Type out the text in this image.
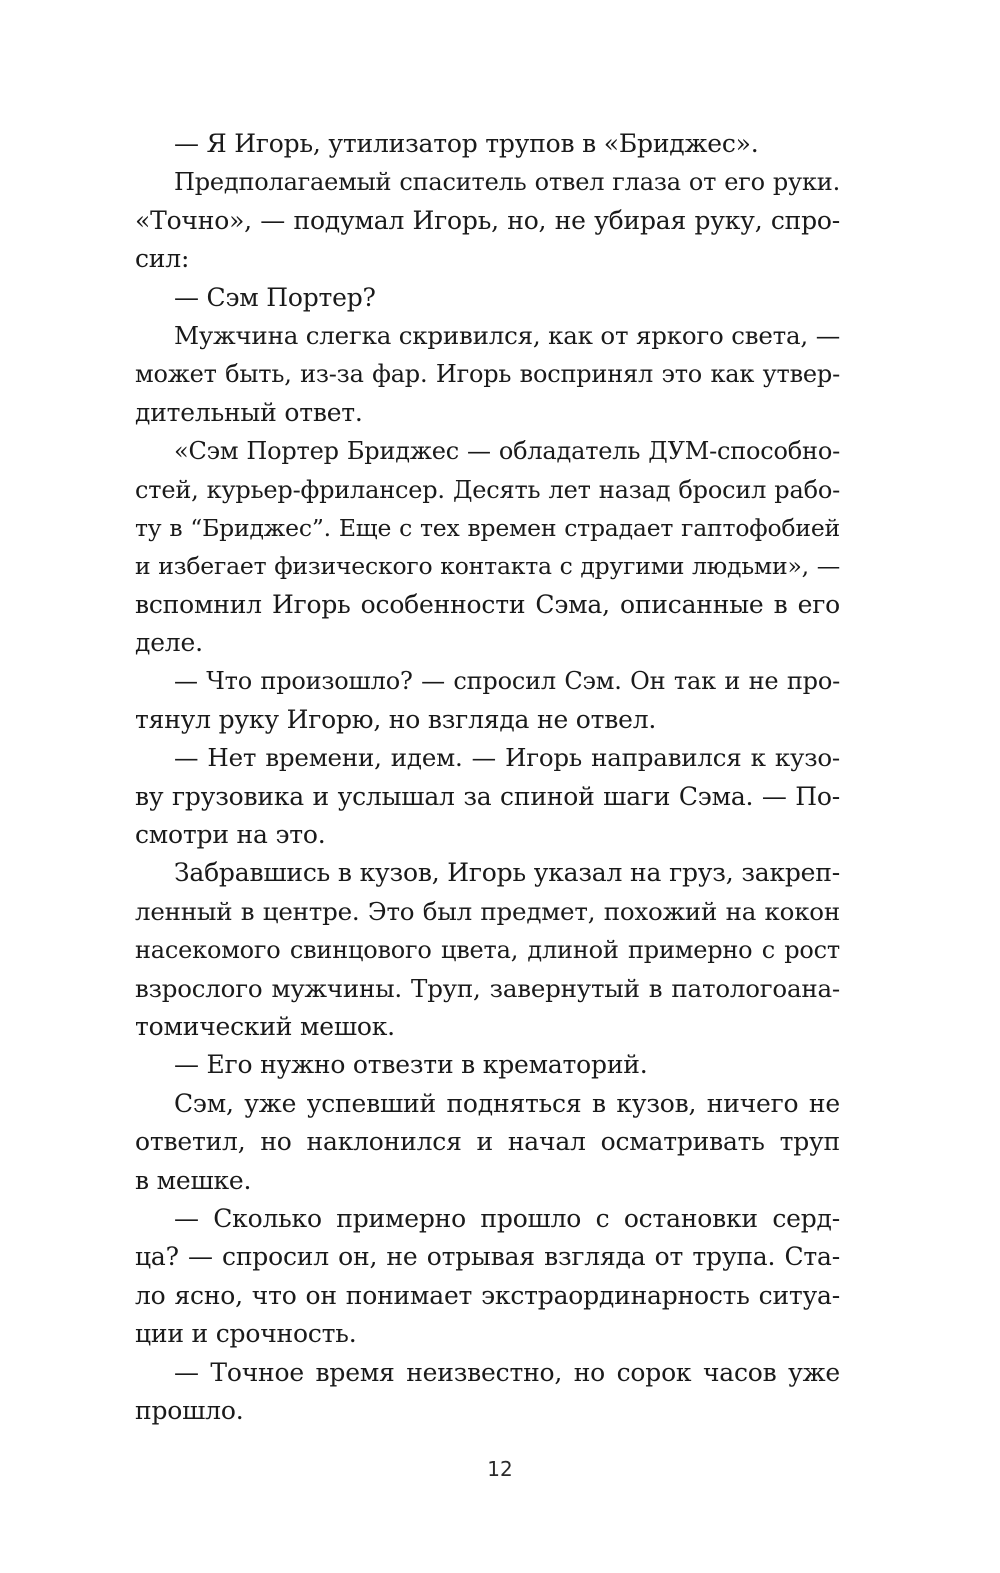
— Я Игорь, утилизатор трупов в «Бриджес».
Предполагаемый спаситель отвел глаза от его руки.
«Точно», — подумал Игорь, но, не убирая руку, спро-
сил:
— Сэм Портер?
Мужчина слегка скривился, как от яркого света, —
может быть, из-за фар. Игорь воспринял это как утвер-
дительный ответ.
«Сэм Портер Бриджес — обладатель ДУМ-способно-
стей, курьер-фрилансер. Десять лет назад бросил рабо-
ту в “Бриджес”. Еще с тех времен страдает гаптофобией
и избегает физического контакта с другими людьми», —
вспомнил Игорь особенности Сэма, описанные в его
деле.
— Что произошло? — спросил Сэм. Он так и не про-
тянул руку Игорю, но взгляда не отвел.
— Нет времени, идем. — Игорь направился к кузо-
ву грузовика и услышал за спиной шаги Сэма. — По-
смотри на это.
Забравшись в кузов, Игорь указал на груз, закреп-
ленный в центре. Это был предмет, похожий на кокон
насекомого свинцового цвета, длиной примерно с рост
взрослого мужчины. Труп, завернутый в патологоана-
томический мешок.
— Его нужно отвезти в крематорий.
Сэм, уже успевший подняться в кузов, ничего не
ответил, но наклонился и начал осматривать труп
в мешке.
— Сколько примерно прошло с остановки серд-
ца? — спросил он, не отрывая взгляда от трупа. Ста-
ло ясно, что он понимает экстраординарность ситуа-
ции и срочность.
— Точное время неизвестно, но сорок часов уже
прошло.
12
